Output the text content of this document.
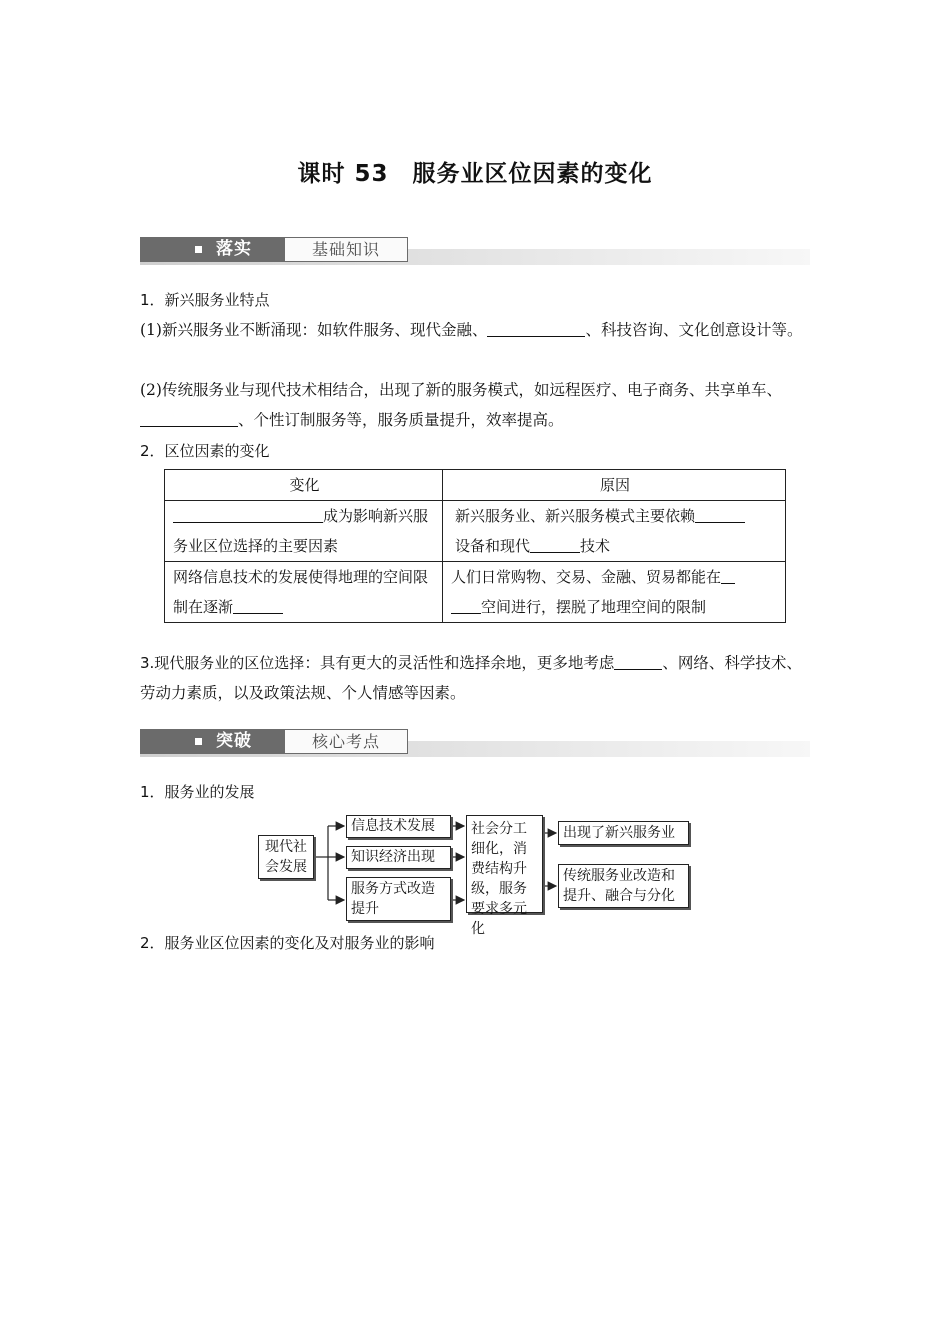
课时 53　服务业区位因素的变化
落实	基础知识

1．新兴服务业特点

(1)新兴服务业不断涌现：如软件服务、现代金融、	、科技咨询、文化创意设计等。

(2)传统服务业与现代技术相结合，出现了新的服务模式，如远程医疗、电子商务、共享单车、、个性订制服务等，服务质量提升，效率提高。

2．区位因素的变化

变化	原因
成为影响新兴服务业区位选择的主要因素	新兴服务业、新兴服务模式主要依赖
设备和现代 技术
网络信息技术的发展使得地理的空间限制在逐渐	人们日常购物、交易、金融、贸易都能在
空间进行，摆脱了地理空间的限制

3.现代服务业的区位选择：具有更大的灵活性和选择余地，更多地考虑	、网络、科学技术、 劳动力素质，以及政策法规、个人情感等因素。

突破	核心考点

1．服务业的发展

现代社会发展
信息技术发展
知识经济出现
服务方式改造提升
社会分工细化，消费结构升级，服务要求多元化
出现了新兴服务业
传统服务业改造和提升、融合与分化

2．服务业区位因素的变化及对服务业的影响
